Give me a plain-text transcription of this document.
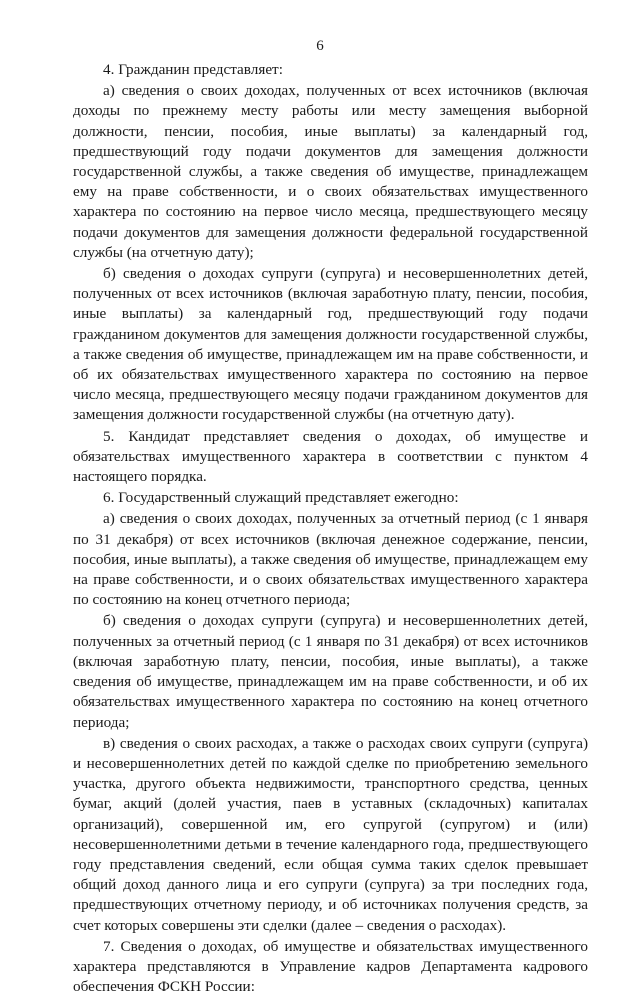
6

4. Гражданин представляет:

а) сведения о своих доходах, полученных от всех источников (включая доходы по прежнему месту работы или месту замещения выборной должности, пенсии, пособия, иные выплаты) за календарный год, предшествующий году подачи документов для замещения должности государственной службы, а также сведения об имуществе, принадлежащем ему на праве собственности, и о своих обязательствах имущественного характера по состоянию на первое число месяца, предшествующего месяцу подачи документов для замещения должности федеральной государственной службы (на отчетную дату);

б) сведения о доходах супруги (супруга) и несовершеннолетних детей, полученных от всех источников (включая заработную плату, пенсии, пособия, иные выплаты) за календарный год, предшествующий году подачи гражданином документов для замещения должности государственной службы, а также сведения об имуществе, принадлежащем им на праве собственности, и об их обязательствах имущественного характера по состоянию на первое число месяца, предшествующего месяцу подачи гражданином документов для замещения должности государственной службы (на отчетную дату).

5. Кандидат представляет сведения о доходах, об имуществе и обязательствах имущественного характера в соответствии с пунктом 4 настоящего порядка.

6. Государственный служащий представляет ежегодно:

а) сведения о своих доходах, полученных за отчетный период (с 1 января по 31 декабря) от всех источников (включая денежное содержание, пенсии, пособия, иные выплаты), а также сведения об имуществе, принадлежащем ему на праве собственности, и о своих обязательствах имущественного характера по состоянию на конец отчетного периода;

б) сведения о доходах супруги (супруга) и несовершеннолетних детей, полученных за отчетный период (с 1 января по 31 декабря) от всех источников (включая заработную плату, пенсии, пособия, иные выплаты), а также сведения об имуществе, принадлежащем им на праве собственности, и об их обязательствах имущественного характера по состоянию на конец отчетного периода;

в) сведения о своих расходах, а также о расходах своих супруги (супруга) и несовершеннолетних детей по каждой сделке по приобретению земельного участка, другого объекта недвижимости, транспортного средства, ценных бумаг, акций (долей участия, паев в уставных (складочных) капиталах организаций), совершенной им, его супругой (супругом) и (или) несовершеннолетними детьми в течение календарного года, предшествующего году представления сведений, если общая сумма таких сделок превышает общий доход данного лица и его супруги (супруга) за три последних года, предшествующих отчетному периоду, и об источниках получения средств, за счет которых совершены эти сделки (далее – сведения о расходах).

7. Сведения о доходах, об имуществе и обязательствах имущественного характера представляются в Управление кадров Департамента кадрового обеспечения ФСКН России:
